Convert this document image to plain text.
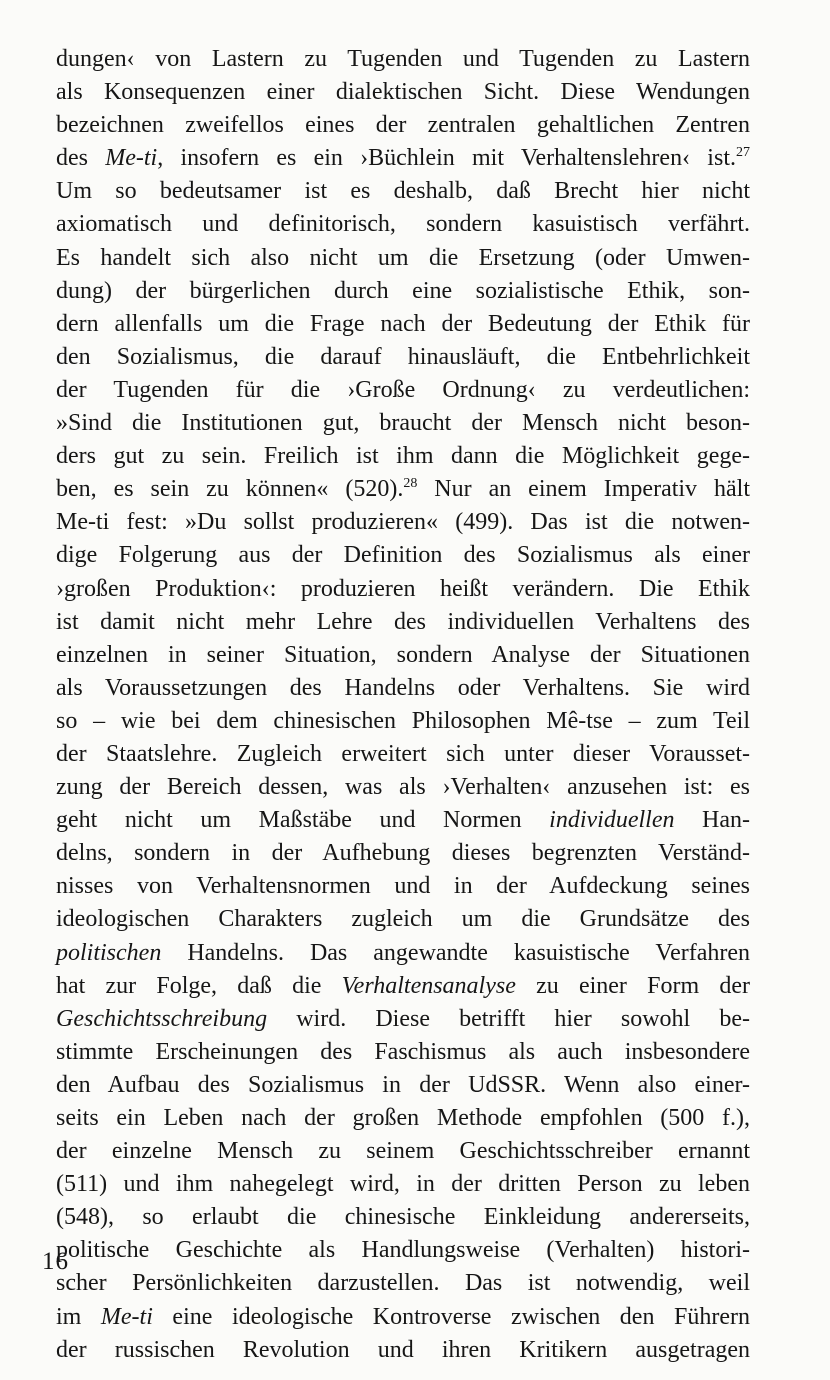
dungen‹ von Lastern zu Tugenden und Tugenden zu Lastern
als Konsequenzen einer dialektischen Sicht. Diese Wendungen
bezeichnen zweifellos eines der zentralen gehaltlichen Zentren
des Me-ti, insofern es ein ›Büchlein mit Verhaltenslehren‹ ist.$^{27}$
Um so bedeutsamer ist es deshalb, daß Brecht hier nicht
axiomatisch und definitorisch, sondern kasuistisch verfährt.
Es handelt sich also nicht um die Ersetzung (oder Umwen-
dung) der bürgerlichen durch eine sozialistische Ethik, son-
dern allenfalls um die Frage nach der Bedeutung der Ethik für
den Sozialismus, die darauf hinausläuft, die Entbehrlichkeit
der Tugenden für die ›Große Ordnung‹ zu verdeutlichen:
»Sind die Institutionen gut, braucht der Mensch nicht beson-
ders gut zu sein. Freilich ist ihm dann die Möglichkeit gege-
ben, es sein zu können« (520).$^{28}$ Nur an einem Imperativ hält
Me-ti fest: »Du sollst produzieren« (499). Das ist die notwen-
dige Folgerung aus der Definition des Sozialismus als einer
›großen Produktion‹: produzieren heißt verändern. Die Ethik
ist damit nicht mehr Lehre des individuellen Verhaltens des
einzelnen in seiner Situation, sondern Analyse der Situationen
als Voraussetzungen des Handelns oder Verhaltens. Sie wird
so – wie bei dem chinesischen Philosophen Mê-tse – zum Teil
der Staatslehre. Zugleich erweitert sich unter dieser Vorausset-
zung der Bereich dessen, was als ›Verhalten‹ anzusehen ist: es
geht nicht um Maßstäbe und Normen individuellen Han-
delns, sondern in der Aufhebung dieses begrenzten Verständ-
nisses von Verhaltensnormen und in der Aufdeckung seines
ideologischen Charakters zugleich um die Grundsätze des
politischen Handelns. Das angewandte kasuistische Verfahren
hat zur Folge, daß die Verhaltensanalyse zu einer Form der
Geschichtsschreibung wird. Diese betrifft hier sowohl be-
stimmte Erscheinungen des Faschismus als auch insbesondere
den Aufbau des Sozialismus in der UdSSR. Wenn also einer-
seits ein Leben nach der großen Methode empfohlen (500 f.),
der einzelne Mensch zu seinem Geschichtsschreiber ernannt
(511) und ihm nahegelegt wird, in der dritten Person zu leben
(548), so erlaubt die chinesische Einkleidung andererseits,
politische Geschichte als Handlungsweise (Verhalten) histori-
scher Persönlichkeiten darzustellen. Das ist notwendig, weil
im Me-ti eine ideologische Kontroverse zwischen den Führern
der russischen Revolution und ihren Kritikern ausgetragen
16
